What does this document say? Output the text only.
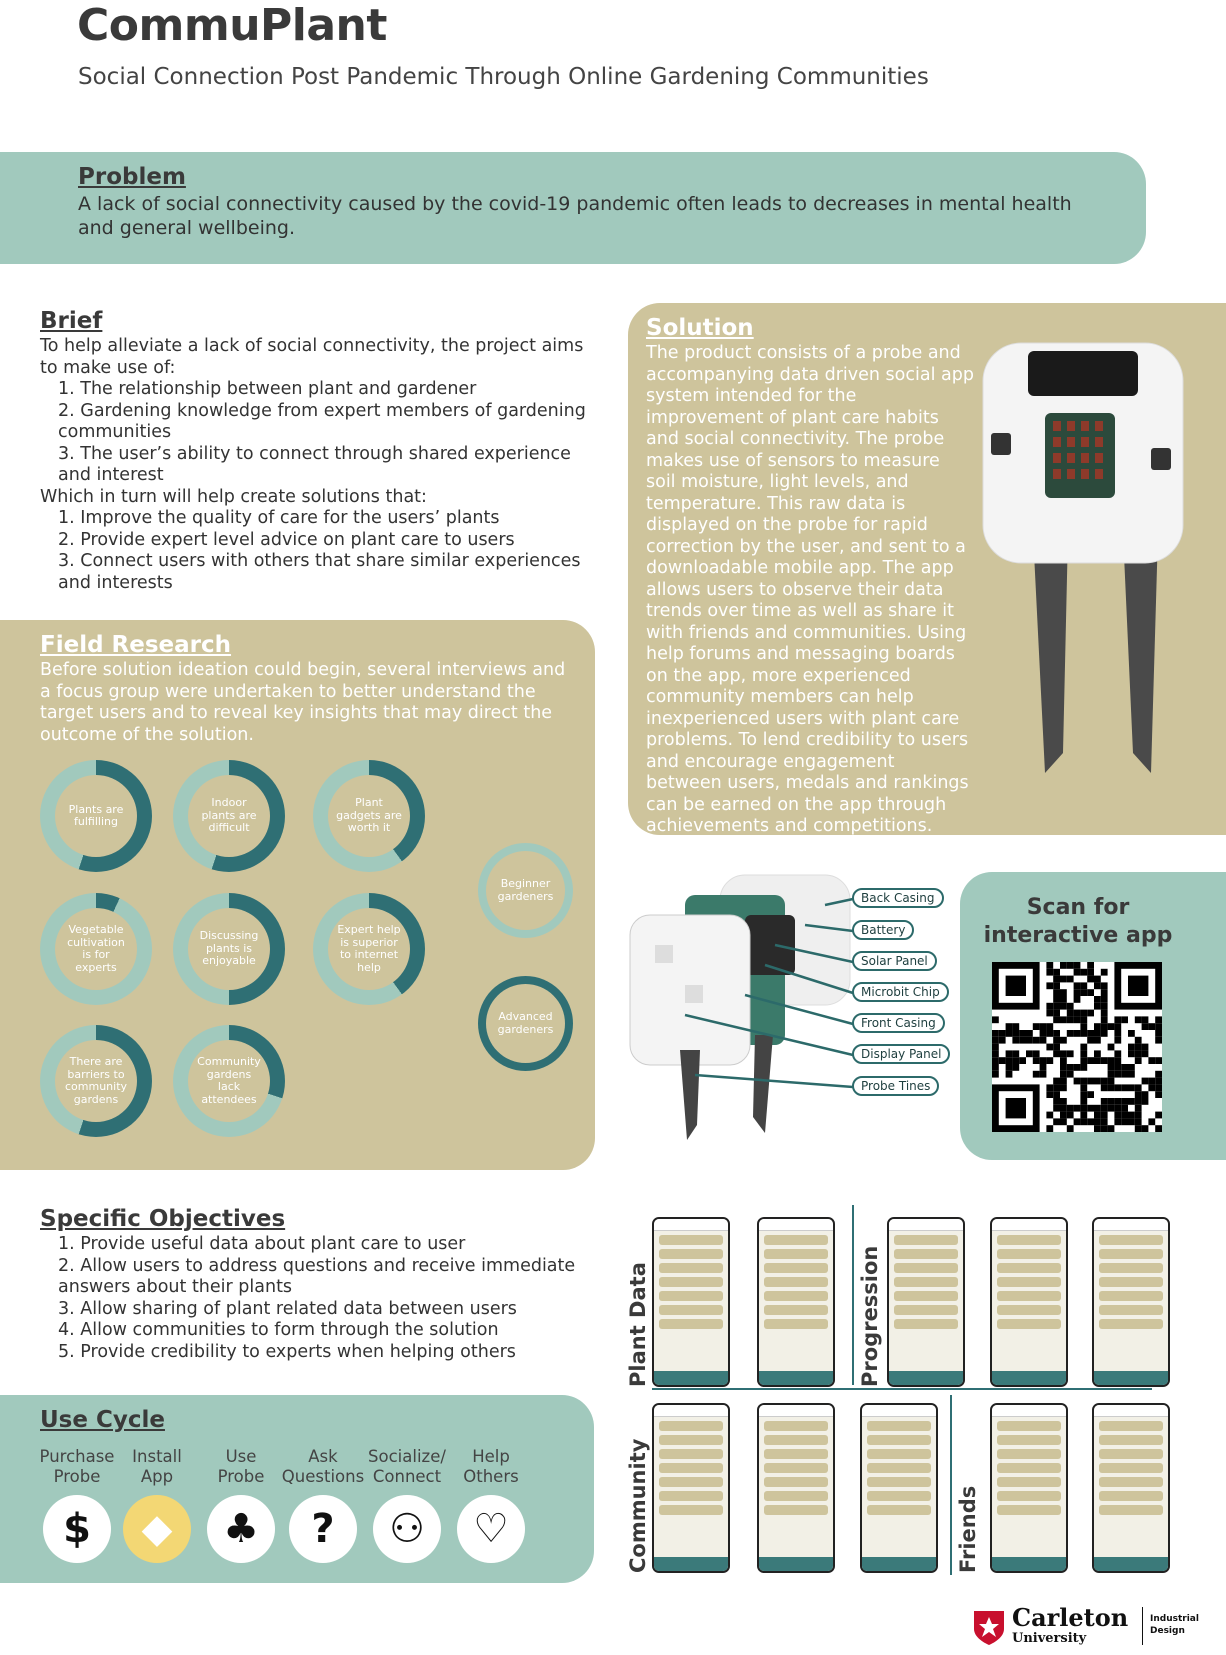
CommuPlant
Social Connection Post Pandemic Through Online Gardening Communities
Problem
A lack of social connectivity caused by the covid-19 pandemic often leads to decreases in mental health and general wellbeing.
Brief
To help alleviate a lack of social connectivity, the project aims to make use of:
1. The relationship between plant and gardener
2. Gardening knowledge from expert members of gardening communities
3. The user’s ability to connect through shared experience and interest
Which in turn will help create solutions that:
1. Improve the quality of care for the users’ plants
2. Provide expert level advice on plant care to users
3. Connect users with others that share similar experiences and interests
Field Research
Before solution ideation could begin, several interviews and a focus group were undertaken to better understand the target users and to reveal key insights that may direct the outcome of the solution.
Plants are fulfilling
Indoor plants are difficult
Plant gadgets are worth it
Vegetable cultivation is for experts
Discussing plants is enjoyable
Expert help is superior to internet help
There are barriers to community gardens
Community gardens lack attendees
Beginner gardeners
Advanced gardeners
Solution
The product consists of a probe and accompanying data driven social app system intended for the improvement of plant care habits and social connectivity. The probe makes use of sensors to measure soil moisture, light levels, and temperature. This raw data is displayed on the probe for rapid correction by the user, and sent to a downloadable mobile app. The app allows users to observe their data trends over time as well as share it with friends and communities. Using help forums and messaging boards on the app, more experienced community members can help inexperienced users with plant care problems. To lend credibility to users and encourage engagement between users, medals and rankings can be earned on the app through achievements and competitions.
Back Casing
Battery
Solar Panel
Microbit Chip
Front Casing
Display Panel
Probe Tines
Scan for
interactive app
Specific Objectives
1. Provide useful data about plant care to user
2. Allow users to address questions and receive immediate answers about their plants
3. Allow sharing of plant related data between users
4. Allow communities to form through the solution
5. Provide credibility to experts when helping others
Use Cycle
Purchase
Probe
$
Install
App
◆
Use
Probe
♣
Ask
Questions
?
Socialize/
Connect
⚇
Help
Others
♡
Plant Data	Progression
Community	Friends
Carleton
University
Industrial
Design
